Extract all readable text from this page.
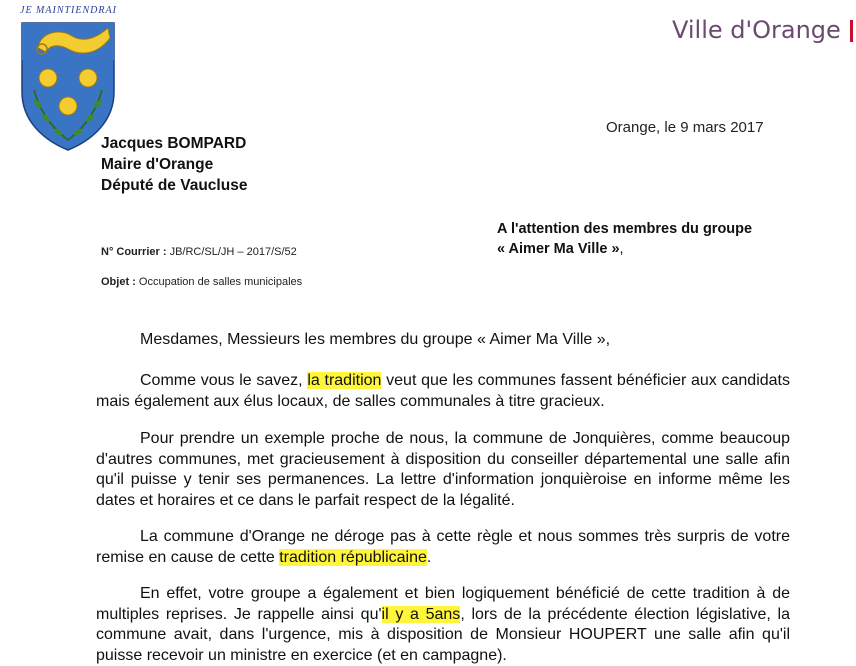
JE MAINTIENDRAI
Ville d'Orange
Orange, le 9 mars 2017
Jacques BOMPARD
Maire d'Orange
Député de Vaucluse
A l'attention des membres du groupe
« Aimer Ma Ville »,
N° Courrier : JB/RC/SL/JH – 2017/S/52
Objet : Occupation de salles municipales
Mesdames, Messieurs les membres du groupe « Aimer Ma Ville »,
Comme vous le savez, la tradition veut que les communes fassent bénéficier aux candidats mais également aux élus locaux, de salles communales à titre gracieux.
Pour prendre un exemple proche de nous, la commune de Jonquières, comme beaucoup d'autres communes, met gracieusement à disposition du conseiller départemental une salle afin qu'il puisse y tenir ses permanences. La lettre d'information jonquièroise en informe même les dates et horaires et ce dans le parfait respect de la légalité.
La commune d'Orange ne déroge pas à cette règle et nous sommes très surpris de votre remise en cause de cette tradition républicaine.
En effet, votre groupe a également et bien logiquement bénéficié de cette tradition à de multiples reprises. Je rappelle ainsi qu'il y a 5ans, lors de la précédente élection législative, la commune avait, dans l'urgence, mis à disposition de Monsieur HOUPERT une salle afin qu'il puisse recevoir un ministre en exercice (et en campagne).
